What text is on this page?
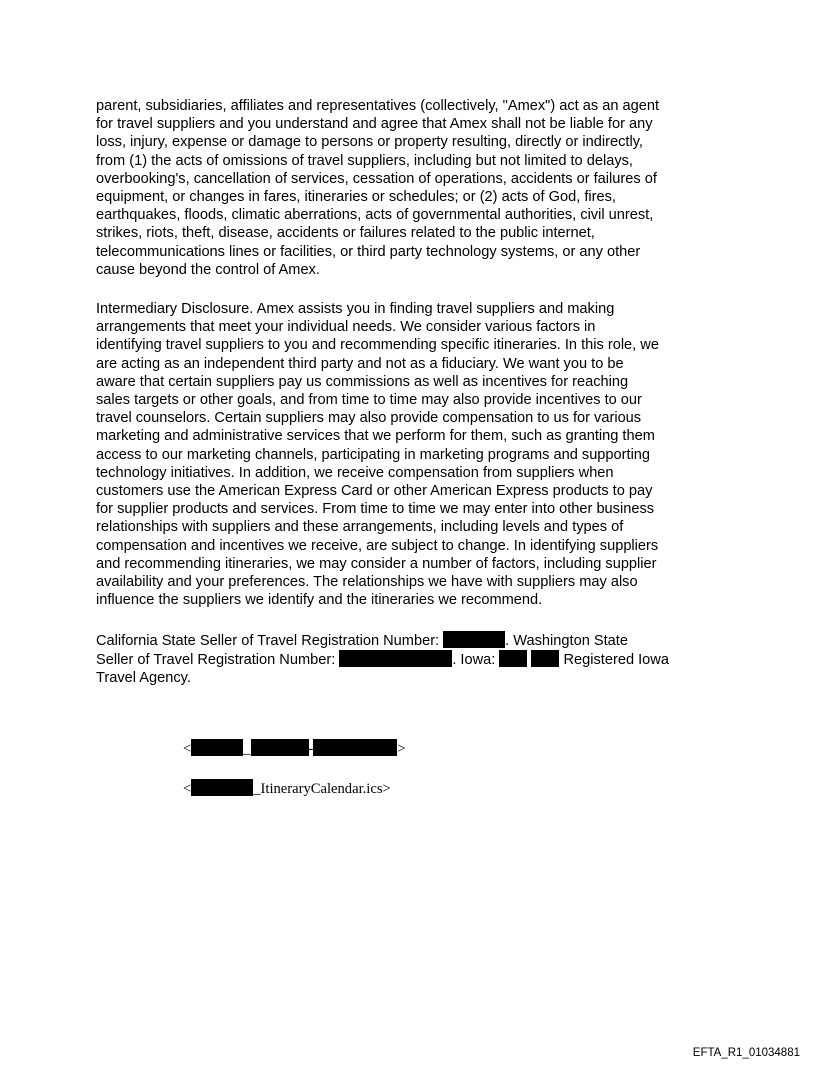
parent, subsidiaries, affiliates and representatives (collectively, "Amex") act as an agent
for travel suppliers and you understand and agree that Amex shall not be liable for any
loss, injury, expense or damage to persons or property resulting, directly or indirectly,
from (1) the acts of omissions of travel suppliers, including but not limited to delays,
overbooking's, cancellation of services, cessation of operations, accidents or failures of
equipment, or changes in fares, itineraries or schedules; or (2) acts of God, fires,
earthquakes, floods, climatic aberrations, acts of governmental authorities, civil unrest,
strikes, riots, theft, disease, accidents or failures related to the public internet,
telecommunications lines or facilities, or third party technology systems, or any other
cause beyond the control of Amex.

Intermediary Disclosure. Amex assists you in finding travel suppliers and making
arrangements that meet your individual needs. We consider various factors in
identifying travel suppliers to you and recommending specific itineraries. In this role, we
are acting as an independent third party and not as a fiduciary. We want you to be
aware that certain suppliers pay us commissions as well as incentives for reaching
sales targets or other goals, and from time to time may also provide incentives to our
travel counselors. Certain suppliers may also provide compensation to us for various
marketing and administrative services that we perform for them, such as granting them
access to our marketing channels, participating in marketing programs and supporting
technology initiatives. In addition, we receive compensation from suppliers when
customers use the American Express Card or other American Express products to pay
for supplier products and services. From time to time we may enter into other business
relationships with suppliers and these arrangements, including levels and types of
compensation and incentives we receive, are subject to change. In identifying suppliers
and recommending itineraries, we may consider a number of factors, including supplier
availability and your preferences. The relationships we have with suppliers may also
influence the suppliers we identify and the itineraries we recommend.

California State Seller of Travel Registration Number:	. Washington State
Seller of Travel Registration Number:	. Iowa:	Registered Iowa
Travel Agency.

<	_	-	>
<	_ItineraryCalendar.ics>
EFTA_R1_01034881
